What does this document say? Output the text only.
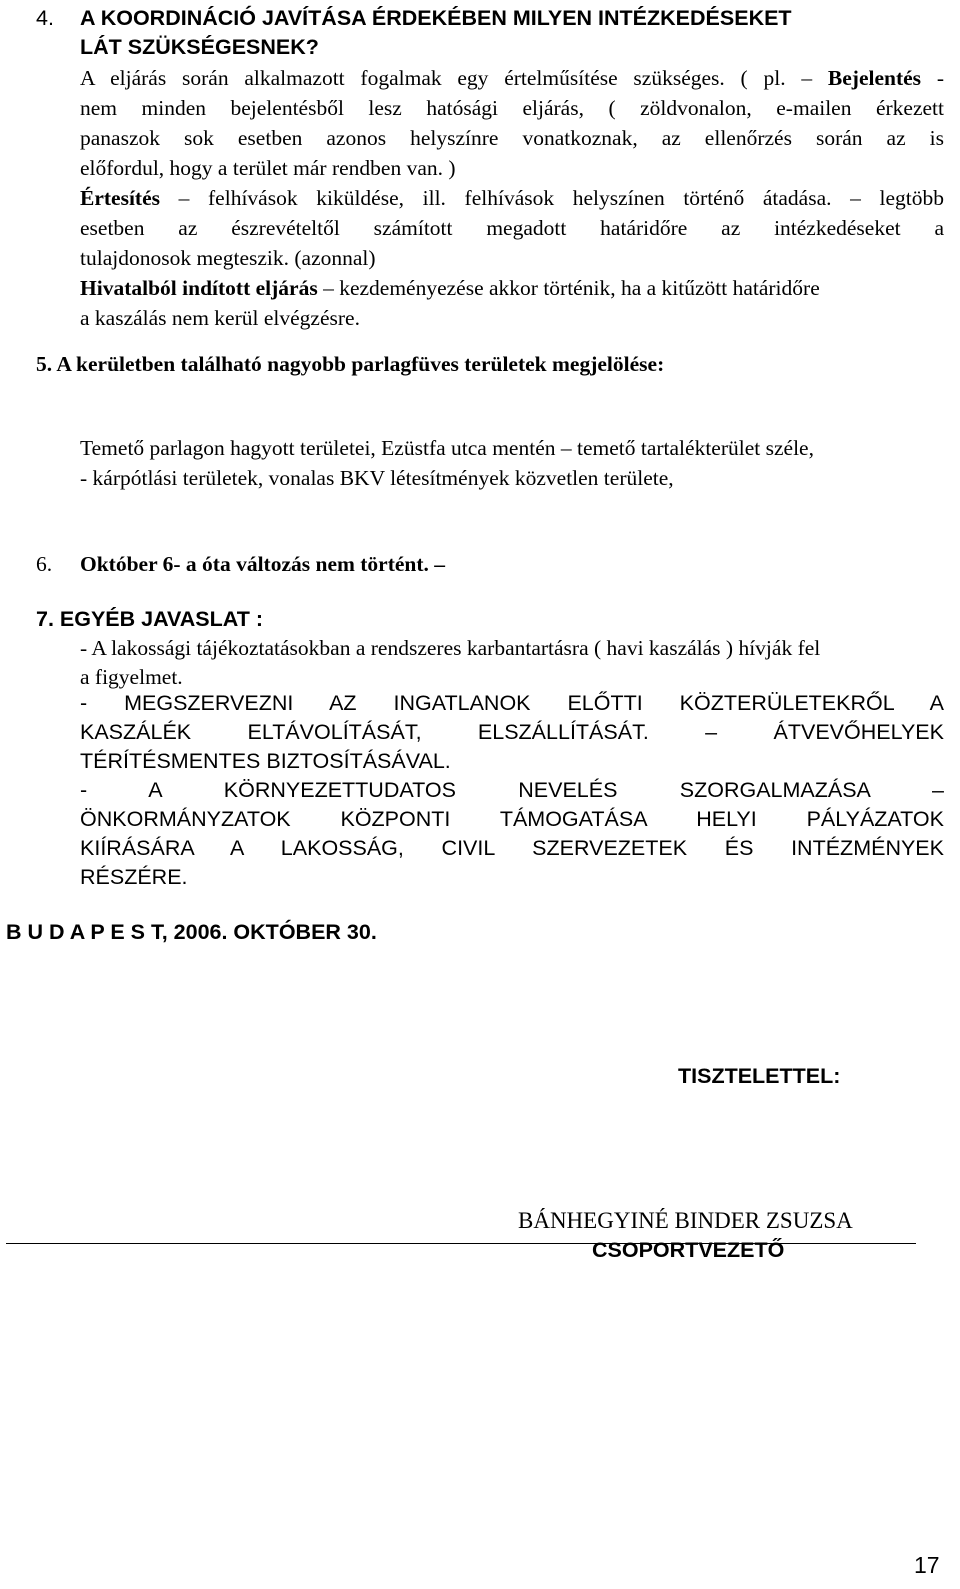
4. A KOORDINÁCIÓ JAVÍTÁSA ÉRDEKÉBEN MILYEN INTÉZKEDÉSEKET
LÁT SZÜKSÉGESNEK?
A eljárás során alkalmazott fogalmak egy értelműsítése szükséges. ( pl. – Bejelentés -
nem minden bejelentésből lesz hatósági eljárás, ( zöldvonalon, e-mailen érkezett
panaszok sok esetben azonos helyszínre vonatkoznak, az ellenőrzés során az is
előfordul, hogy a terület már rendben van. )
Értesítés – felhívások kiküldése, ill. felhívások helyszínen történő átadása. – legtöbb
esetben az észrevételtől számított megadott határidőre az intézkedéseket a
tulajdonosok megteszik. (azonnal)
Hivatalból indított eljárás – kezdeményezése akkor történik, ha a kitűzött határidőre
a kaszálás nem kerül elvégzésre.
5. A kerületben található nagyobb parlagfüves területek megjelölése:
Temető parlagon hagyott területei, Ezüstfa utca mentén – temető tartalékterület széle,
- kárpótlási területek, vonalas BKV létesítmények közvetlen területe,
6. Október 6- a óta változás nem történt. –
7. EGYÉB JAVASLAT :
- A lakossági tájékoztatásokban a rendszeres karbantartásra ( havi kaszálás ) hívják fel
a figyelmet.
- MEGSZERVEZNI AZ INGATLANOK ELŐTTI KÖZTERÜLETEKRŐL A
KASZÁLÉK ELTÁVOLÍTÁSÁT, ELSZÁLLÍTÁSÁT.	–	ÁTVEVŐHELYEK
TÉRÍTÉSMENTES BIZTOSÍTÁSÁVAL.
- A KÖRNYEZETTUDATOS NEVELÉS SZORGALMAZÁSA –
ÖNKORMÁNYZATOK KÖZPONTI TÁMOGATÁSA HELYI PÁLYÁZATOK
KIÍRÁSÁRA A LAKOSSÁG, CIVIL SZERVEZETEK ÉS INTÉZMÉNYEK
RÉSZÉRE.
B U D A P E S T, 2006. OKTÓBER 30.
TISZTELETTEL:
BÁNHEGYINÉ BINDER ZSUZSA
CSOPORTVEZETŐ
17
